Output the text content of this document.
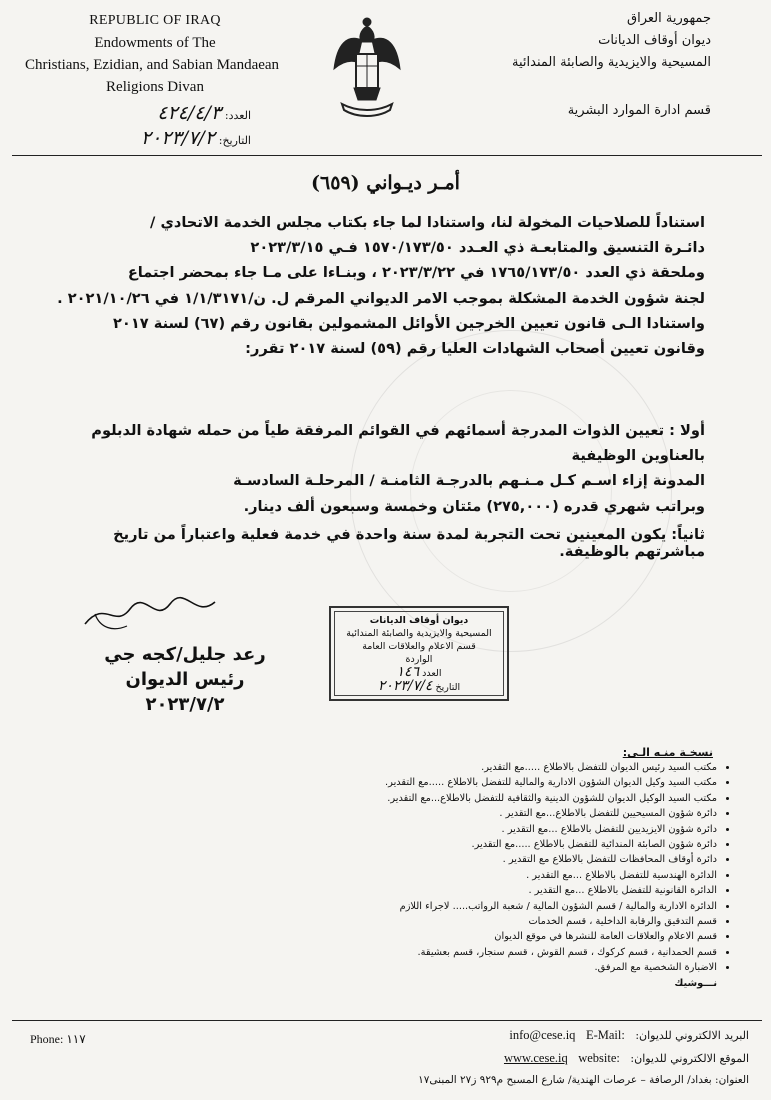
REPUBLIC OF IRAQ
Endowments of The
Christians, Ezidian, and Sabian Mandaean
Religions Divan
جمهورية العراق
ديوان أوقاف الديانات
المسيحية والايزيدية والصابئة المندائية
قسم ادارة الموارد البشرية
العدد: ٤٢٤/٤/٣
التاريخ: ٢٠٢٣/٧/٢
أمـر ديـواني (٦٥٩)

استناداً للصلاحيات المخولة لنا، واستنادا لما جاء بكتاب مجلس الخدمة الاتحادي /

دائـرة التنسيق والمتابعـة ذي العـدد ١٥٧٠/١٧٣/٥٠ فـي ٢٠٢٣/٣/١٥

وملحقة ذي العدد ١٧٦٥/١٧٣/٥٠ في ٢٠٢٣/٣/٢٢ ، وبنـاءا على مـا جاء بمحضر اجتماع

لجنة شؤون الخدمة المشكلة بموجب الامر الديواني المرقم ل. ن/١/١/٣١٧١ في ٢٠٢١/١٠/٢٦ .

واستنادا الـى قانون تعيين الخرجين الأوائل المشمولين بقانون رقم (٦٧) لسنة ٢٠١٧

وقانون تعيين أصحاب الشهادات العليا رقم (٥٩) لسنة ٢٠١٧ تقرر:

أولا : تعيين الذوات المدرجة أسمائهم في القوائم المرفقة طياً من حمله شهادة الدبلوم بالعناوين الوظيفية
المدونة إزاء اسـم كـل مـنـهم بالدرجـة الثامنـة / المرحلـة السادسـة
وبراتب شهري قدره (٢٧٥,٠٠٠) مئتان وخمسة وسبعون ألف دينار.
ثانياً: يكون المعينين تحت التجربة لمدة سنة واحدة في خدمة فعلية واعتباراً من تاريخ مباشرتهم بالوظيفة.
رعد جليل/كجه جي
رئيس الديوان
٢٠٢٣/٧/٢
ديوان أوقاف الديانات
المسيحية والايزيدية والصابئة المندائية
قسم الاعلام والعلاقات العامة
الواردة
العدد ١٤٦
التاريخ ٢٠٢٣/٧/٤
نسخـة منـه الـى:
• مكتب السيد رئيس الديوان للتفضل بالاطلاع .....مع التقدير.
• مكتب السيد وكيل الديوان الشؤون الادارية والمالية للتفضل بالاطلاع .....مع التقدير.
• مكتب السيد الوكيل الديوان للشؤون الدينية والثقافية للتفضل بالاطلاع...مع التقدير.
• دائرة شؤون المسيحيين للتفضل بالاطلاع...مع التقدير .
• دائرة شؤون الايزيديين للتفضل بالاطلاع ...مع التقدير .
• دائرة شؤون الصابئة المندائية للتفضل بالاطلاع .....مع التقدير.
• دائرة أوقاف المحافظات للتفضل بالاطلاع مع التقدير .
• الدائرة الهندسية للتفضل بالاطلاع ...مع التقدير .
• الدائرة القانونية للتفضل بالاطلاع ...مع التقدير .
• الدائرة الادارية والمالية / قسم الشؤون المالية / شعبة الرواتب..... لاجراء اللازم
• قسم التدقيق والرقابة الداخلية ، قسم الخدمات
• قسم الاعلام والعلاقات العامة للنشرها في موقع الديوان
• قسم الحمدانية ، قسم كركوك ، قسم القوش ، قسم سنجار، قسم بعشيقة.
• الاضبارة الشخصية مع المرفق.
نـــوشيك
Phone: ١١٧	البريد الالكتروني للديوان:   info@cese.iq E-Mail:
الموقع الالكتروني للديوان:   www.cese.iq website:
العنوان: بغداد/ الرصافة – عرصات الهندية/ شارع المسبح م٩٢٩ ز٢٧ المبنى١٧
